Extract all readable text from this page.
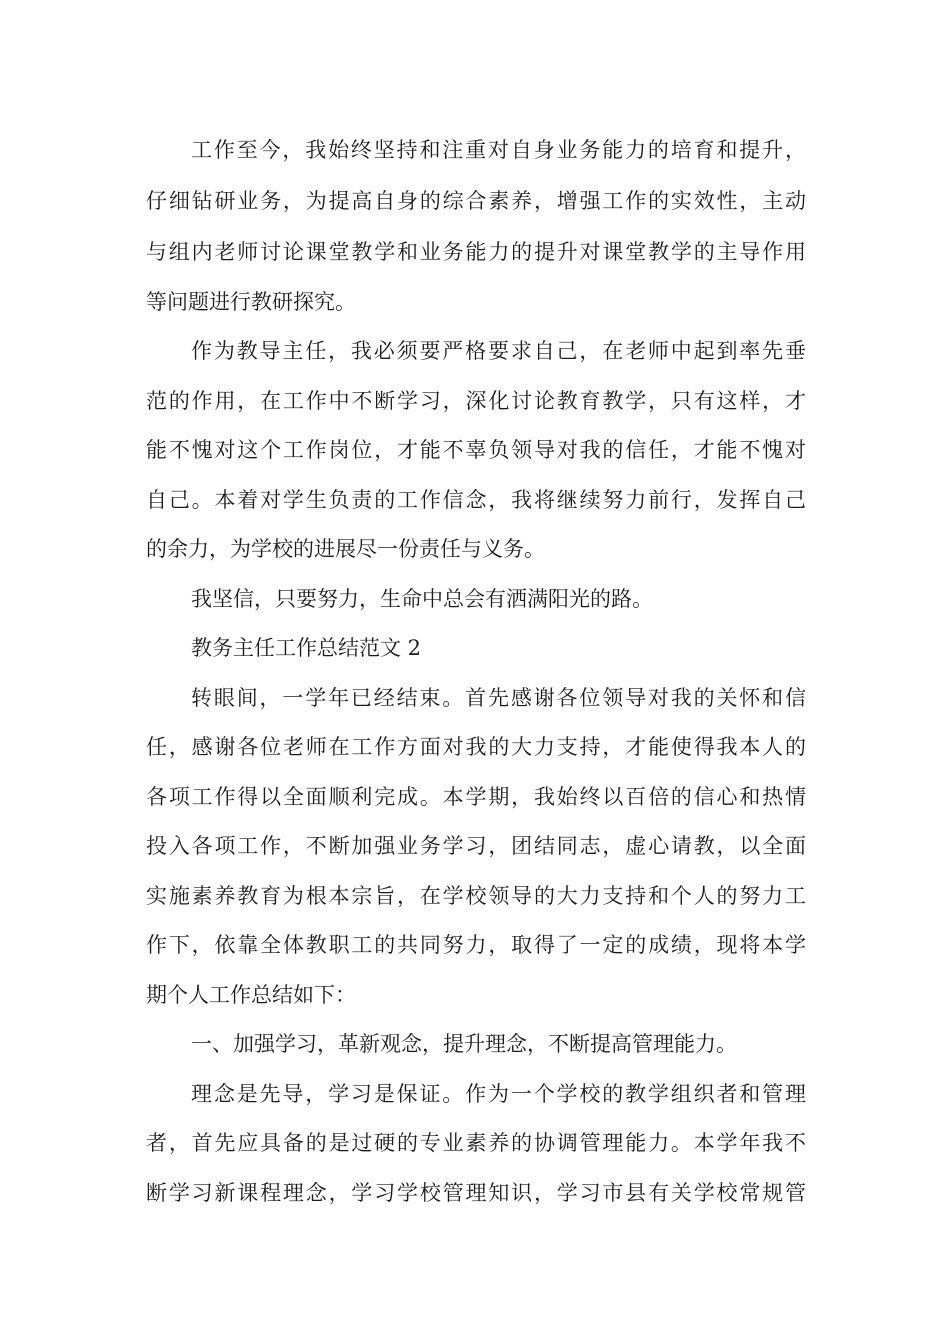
工作至今，我始终坚持和注重对自身业务能力的培育和提升，
仔细钻研业务，为提高自身的综合素养，增强工作的实效性，主动
与组内老师讨论课堂教学和业务能力的提升对课堂教学的主导作用
等问题进行教研探究。
作为教导主任，我必须要严格要求自己，在老师中起到率先垂
范的作用，在工作中不断学习，深化讨论教育教学，只有这样，才
能不愧对这个工作岗位，才能不辜负领导对我的信任，才能不愧对
自己。本着对学生负责的工作信念，我将继续努力前行，发挥自己
的余力，为学校的进展尽一份责任与义务。
我坚信，只要努力，生命中总会有洒满阳光的路。
教务主任工作总结范文 2
转眼间，一学年已经结束。首先感谢各位领导对我的关怀和信
任，感谢各位老师在工作方面对我的大力支持，才能使得我本人的
各项工作得以全面顺利完成。本学期，我始终以百倍的信心和热情
投入各项工作，不断加强业务学习，团结同志，虚心请教，以全面
实施素养教育为根本宗旨，在学校领导的大力支持和个人的努力工
作下，依靠全体教职工的共同努力，取得了一定的成绩，现将本学
期个人工作总结如下：
一、加强学习，革新观念，提升理念，不断提高管理能力。
理念是先导，学习是保证。作为一个学校的教学组织者和管理
者，首先应具备的是过硬的专业素养的协调管理能力。本学年我不
断学习新课程理念，学习学校管理知识，学习市县有关学校常规管
